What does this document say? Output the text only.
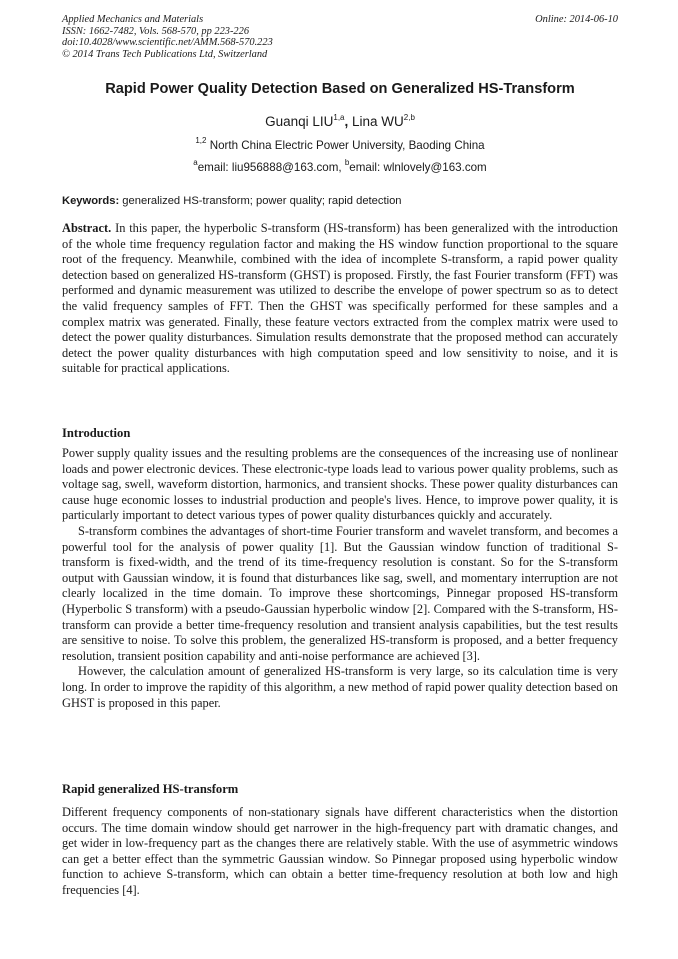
Applied Mechanics and Materials
ISSN: 1662-7482, Vols. 568-570, pp 223-226
doi:10.4028/www.scientific.net/AMM.568-570.223
© 2014 Trans Tech Publications Ltd, Switzerland
Online: 2014-06-10
Rapid Power Quality Detection Based on Generalized HS-Transform
Guanqi LIU$^{1,a}$, Lina WU$^{2,b}$
$^{1,2}$ North China Electric Power University, Baoding China
$^a$email: liu956888@163.com, $^b$email: wlnlovely@163.com
Keywords: generalized HS-transform; power quality; rapid detection

Abstract. In this paper, the hyperbolic S-transform (HS-transform) has been generalized with the introduction of the whole time frequency regulation factor and making the HS window function proportional to the square root of the frequency. Meanwhile, combined with the idea of incomplete S-transform, a rapid power quality detection based on generalized HS-transform (GHST) is proposed. Firstly, the fast Fourier transform (FFT) was performed and dynamic measurement was utilized to describe the envelope of power spectrum so as to detect the valid frequency samples of FFT. Then the GHST was specifically performed for these samples and a complex matrix was generated. Finally, these feature vectors extracted from the complex matrix were used to detect the power quality disturbances. Simulation results demonstrate that the proposed method can accurately detect the power quality disturbances with high computation speed and low sensitivity to noise, and it is suitable for practical applications.

Introduction

Power supply quality issues and the resulting problems are the consequences of the increasing use of nonlinear loads and power electronic devices. These electronic-type loads lead to various power quality problems, such as voltage sag, swell, waveform distortion, harmonics, and transient shocks. These power quality disturbances can cause huge economic losses to industrial production and people's lives. Hence, to improve power quality, it is particularly important to detect various types of power quality disturbances quickly and accurately.

S-transform combines the advantages of short-time Fourier transform and wavelet transform, and becomes a powerful tool for the analysis of power quality [1]. But the Gaussian window function of traditional S-transform is fixed-width, and the trend of its time-frequency resolution is constant. So for the S-transform output with Gaussian window, it is found that disturbances like sag, swell, and momentary interruption are not clearly localized in the time domain. To improve these shortcomings, Pinnegar proposed HS-transform (Hyperbolic S transform) with a pseudo-Gaussian hyperbolic window [2]. Compared with the S-transform, HS-transform can provide a better time-frequency resolution and transient analysis capabilities, but the test results are sensitive to noise. To solve this problem, the generalized HS-transform is proposed, and a better frequency resolution, transient position capability and anti-noise performance are achieved [3].

However, the calculation amount of generalized HS-transform is very large, so its calculation time is very long. In order to improve the rapidity of this algorithm, a new method of rapid power quality detection based on GHST is proposed in this paper.

Rapid generalized HS-transform

Different frequency components of non-stationary signals have different characteristics when the distortion occurs. The time domain window should get narrower in the high-frequency part with dramatic changes, and get wider in low-frequency part as the changes there are relatively stable. With the use of asymmetric windows can get a better effect than the symmetric Gaussian window. So Pinnegar proposed using hyperbolic window function to achieve S-transform, which can obtain a better time-frequency resolution at both low and high frequencies [4].
